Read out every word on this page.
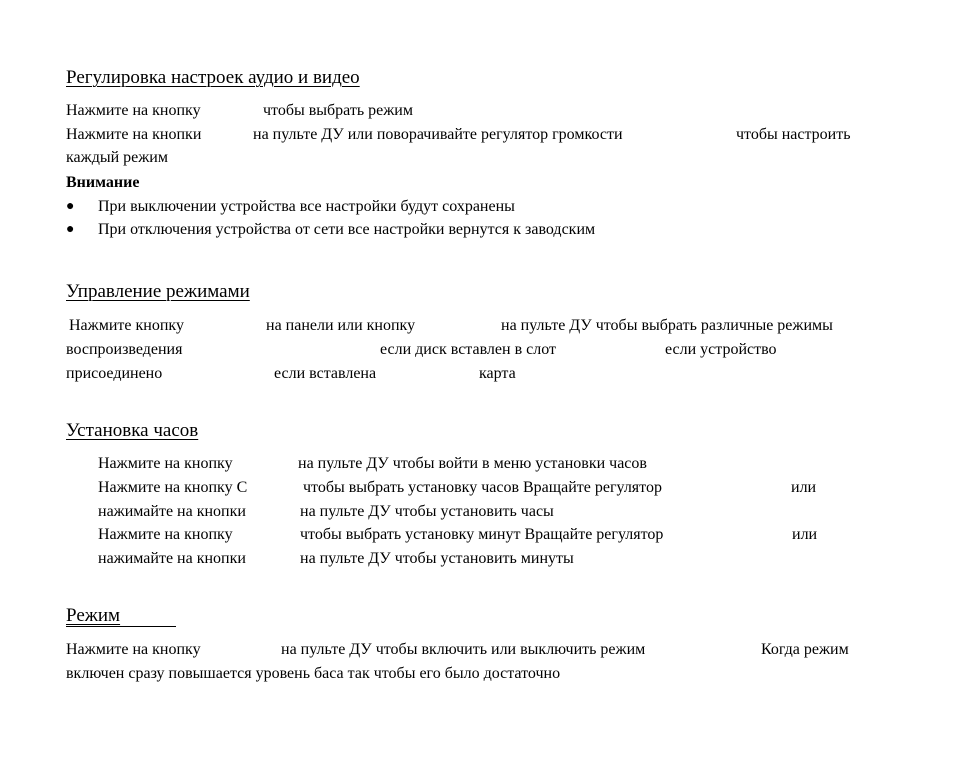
Регулировка настроек аудио и видео
Нажмите на кнопку	чтобы выбрать режим
Нажмите на кнопки	на пульте ДУ или поворачивайте регулятор громкости	чтобы настроить
каждый режим
Внимание
● При выключении устройства все настройки будут сохранены
● При отключения устройства от сети все настройки вернутся к заводским
Управление режимами
Нажмите кнопку	на панели или кнопку	на пульте ДУ чтобы выбрать различные режимы
воспроизведения	если диск вставлен в слот	если устройство
присоединено	если вставлена	карта
Установка часов
Нажмите на кнопку	на пульте ДУ чтобы войти в меню установки часов
Нажмите на кнопку С	чтобы выбрать установку часов Вращайте регулятор	или
нажимайте на кнопки	на пульте ДУ чтобы установить часы
Нажмите на кнопку	чтобы выбрать установку минут Вращайте регулятор	или
нажимайте на кнопки	на пульте ДУ чтобы установить минуты
Режим
Нажмите на кнопку	на пульте ДУ чтобы включить или выключить режим	Когда режим
включен сразу повышается уровень баса так чтобы его было достаточно
